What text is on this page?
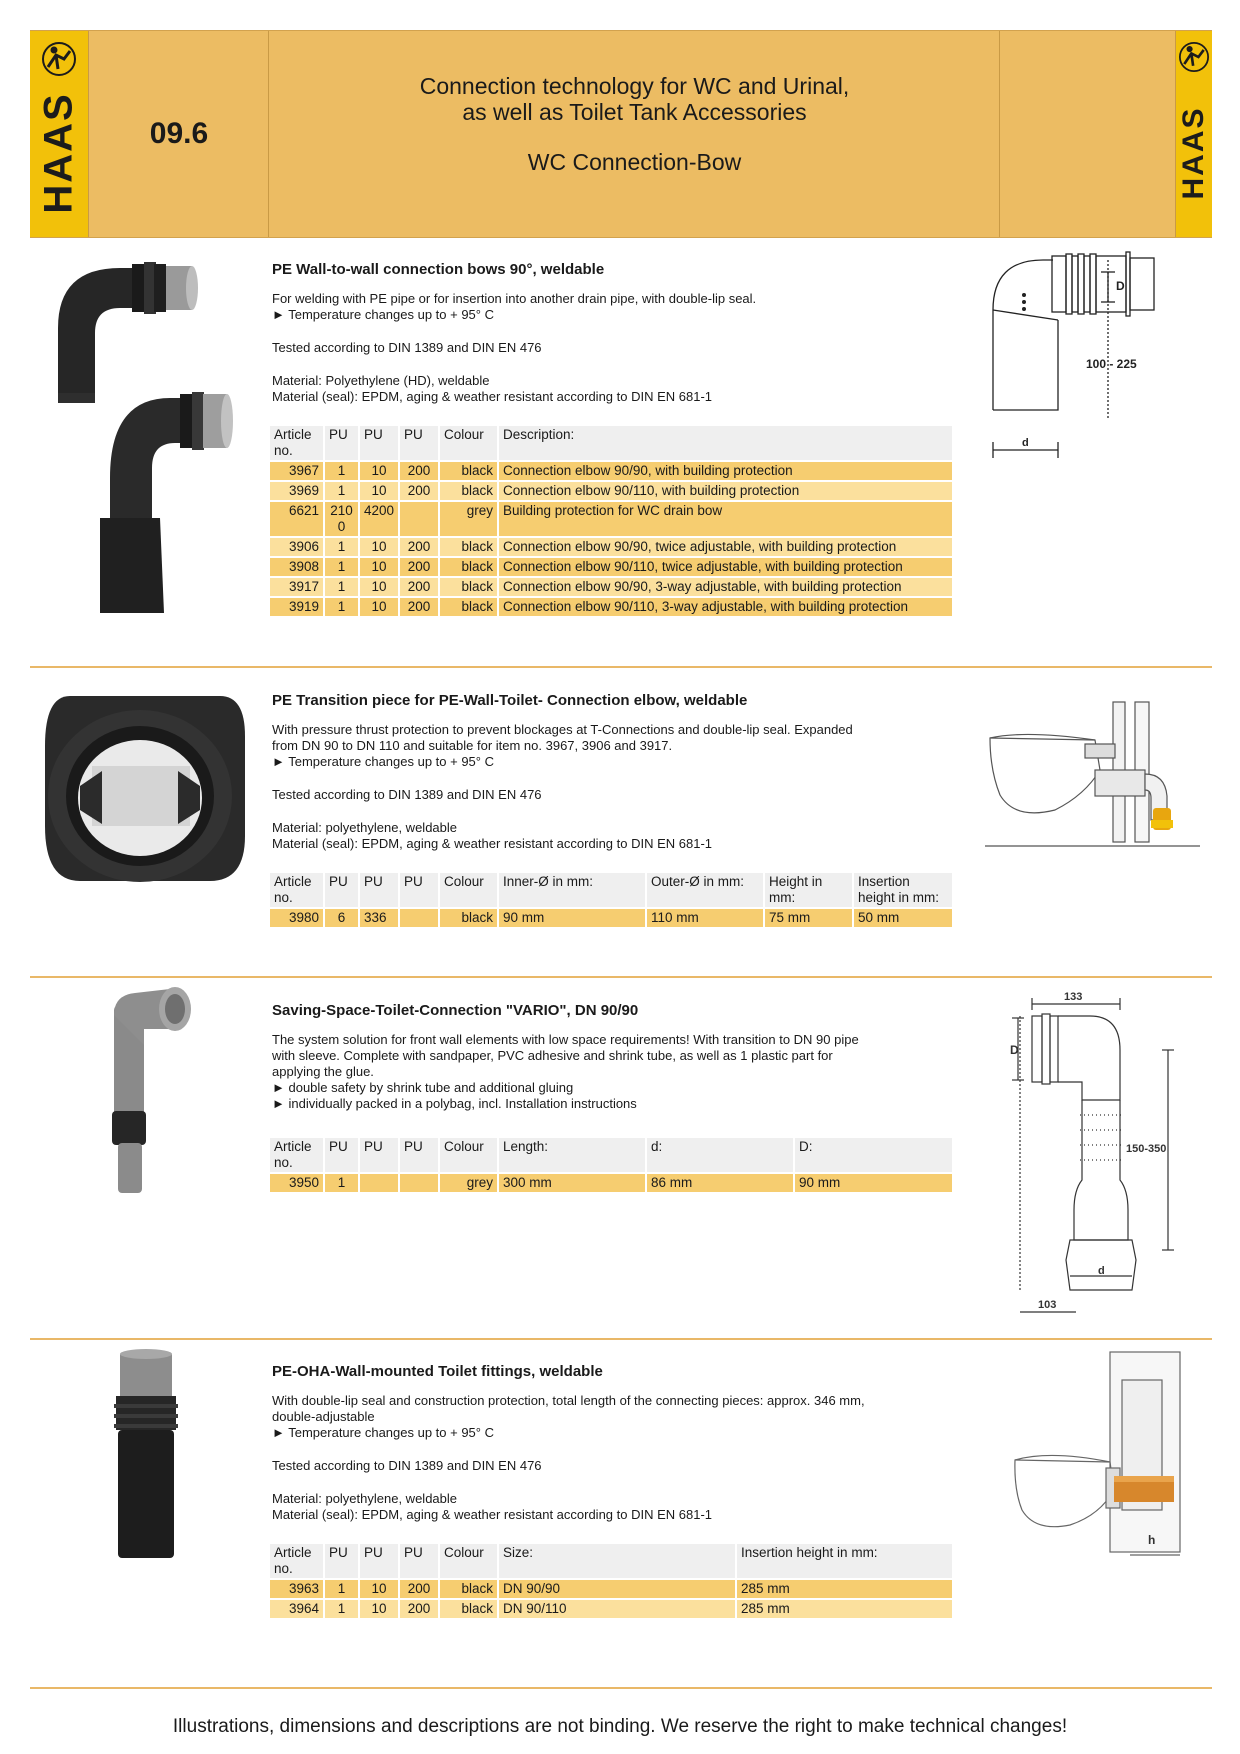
09.6
Connection technology for WC and Urinal,
as well as Toilet Tank Accessories
WC Connection-Bow
HAAS	HAAS
PE Wall-to-wall connection bows 90°, weldable
For welding with PE pipe or for insertion into another drain pipe, with double-lip seal.
► Temperature changes up to + 95° C
Tested according to DIN 1389 and DIN EN 476
Material: Polyethylene (HD), weldable
Material (seal): EPDM, aging & weather resistant according to DIN EN 681-1
Article no.	PU	PU	PU	Colour	Description:
3967	1	10	200	black	Connection elbow 90/90, with building protection
3969	1	10	200	black	Connection elbow 90/110, with building protection
6621	2100	4200		grey	Building protection for WC drain bow
3906	1	10	200	black	Connection elbow 90/90, twice adjustable, with building protection
3908	1	10	200	black	Connection elbow 90/110, twice adjustable, with building protection
3917	1	10	200	black	Connection elbow 90/90, 3-way adjustable, with building protection
3919	1	10	200	black	Connection elbow 90/110, 3-way adjustable, with building protection
D
100 - 225
d
PE Transition piece for PE-Wall-Toilet- Connection elbow, weldable
With pressure thrust protection to prevent blockages at T-Connections and double-lip seal. Expanded
from DN 90 to DN 110 and suitable for item no. 3967, 3906 and 3917.
► Temperature changes up to + 95° C
Tested according to DIN 1389 and DIN EN 476
Material: polyethylene, weldable
Material (seal): EPDM, aging & weather resistant according to DIN EN 681-1
Article no.	PU	PU	PU	Colour	Inner-Ø in mm:	Outer-Ø in mm:	Height in mm:	Insertion height in mm:
3980	6	336		black	90 mm	110 mm	75 mm	50 mm
Saving-Space-Toilet-Connection "VARIO", DN 90/90
The system solution for front wall elements with low space requirements! With transition to DN 90 pipe
with sleeve. Complete with sandpaper, PVC adhesive and shrink tube, as well as 1 plastic part for
applying the glue.
► double safety by shrink tube and additional gluing
► individually packed in a polybag, incl. Installation instructions
Article no.	PU	PU	PU	Colour	Length:	d:	D:
3950	1			grey	300 mm	86 mm	90 mm
133
D
150-350
d
103
PE-OHA-Wall-mounted Toilet fittings, weldable
With double-lip seal and construction protection, total length of the connecting pieces: approx. 346 mm,
double-adjustable
► Temperature changes up to + 95° C
Tested according to DIN 1389 and DIN EN 476
Material: polyethylene, weldable
Material (seal): EPDM, aging & weather resistant according to DIN EN 681-1
Article no.	PU	PU	PU	Colour	Size:	Insertion height in mm:
3963	1	10	200	black	DN 90/90	285 mm
3964	1	10	200	black	DN 90/110	285 mm
h
Illustrations, dimensions and descriptions are not binding. We reserve the right to make technical changes!
